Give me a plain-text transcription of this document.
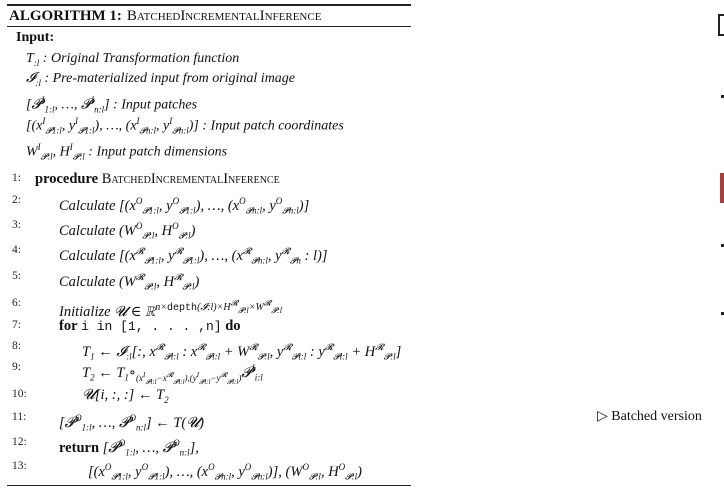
ALGORITHM 1: BatchedIncrementalInference
Input:
$T_{:l}$ : Original Transformation function
𝓘$_{:l}$ : Pre-materialized input from original image
[𝓟$^I_{1:l}$, …, 𝓟$^I_{n:l}$] : Input patches
[($x^I_{𝓟1:l}$, $y^I_{𝓟1:l}$), …, ($x^I_{𝓟n:l}$, $y^I_{𝓟n:l}$)] : Input patch coordinates
$W^I_{𝓟:l}$, $H^I_{𝓟:l}$ : Input patch dimensions
1: procedure BatchedIncrementalInference
2:	Calculate [($x^O_{𝓟1:l}$, $y^O_{𝓟1:l}$), …, ($x^O_{𝓟n:l}$, $y^O_{𝓟n:l}$)]
3:	Calculate ($W^O_{𝓟:l}$, $H^O_{𝓟:l}$)
4:	Calculate [($x^𝓡_{𝓟1:l}$, $y^𝓡_{𝓟1:l}$), …, ($x^𝓡_{𝓟n:l}$, $y^𝓡_{𝓟n}$ : l)]
5:	Calculate ($W^𝓡_{𝓟:l}$, $H^𝓡_{𝓟:l}$)
6:
Initialize 𝓤 ∈ ℝ$^{n\times depth(𝓘:l)\times H^𝓡_{𝓟:l}\times W^𝓡_{𝓟:l}}$
7:	for i in [1, . . . ,n] do
8:	$T_1$ ← 𝓘$_{:l}$[:, $x^𝓡_{𝓟i:l}$ : $x^𝓡_{𝓟i:l} + W^𝓡_{𝓟:l}$, $y^𝓡_{𝓟i:l}$ : $y^𝓡_{𝓟i:l} + H^𝓡_{𝓟:l}$]
9:	$T_2$ ← $T_1\circ_{(x^I_{𝓟i:l}-x^𝓡_{𝓟i:l}),(y^I_{𝓟i:l}-y^𝓡_{𝓟i:l})}𝓟^I_{i:l}$
10:	𝓤[i, :, :] ← $T_2$
11: [𝓟$^O_{1:l}$, …, 𝓟$^O_{n:l}$] ← T(𝓤)	▷ Batched version
12: return [𝓟$^O_{1:l}$, …, 𝓟$^O_{n:l}$],
13:	[($x^O_{𝓟1:l}$, $y^O_{𝓟1:l}$), …, ($x^O_{𝓟n:l}$, $y^O_{𝓟n:l}$)], ($W^O_{𝓟:l}$, $H^O_{𝓟:l}$)
